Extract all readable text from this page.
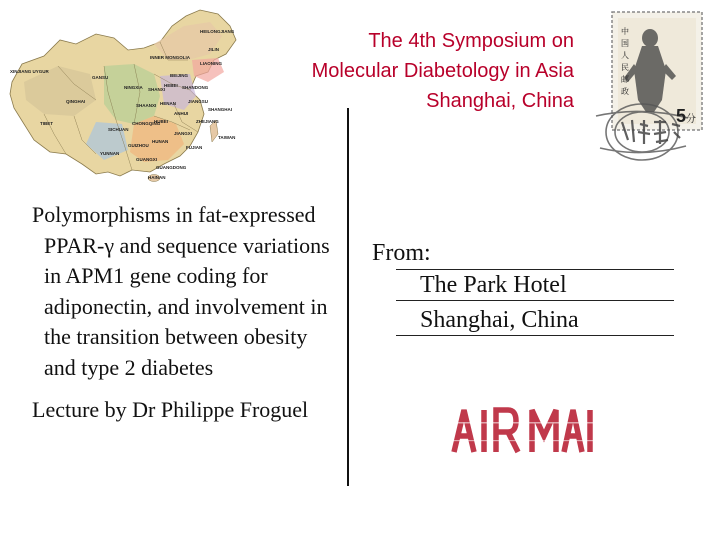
HEILONGJIANG
JILIN
LIAONING
INNER MONGOLIA
XINJIANG UYGUR
GANSU
QINGHAI
TIBET
SICHUAN
YUNNAN
GUANGXI
GUANGDONG
HUNAN
JIANGXI
FUJIAN
ZHEJIANG
SHANGHAI
JIANGSU
ANHUI
HUBEI
HENAN
SHANDONG
HEBEI
BEIJING
SHANXI
SHAANXI
NINGXIA
GUIZHOU
CHONGQING
HAINAN
TAIWAN
The 4th Symposium on
Molecular Diabetology in Asia
Shanghai, China
中
国
人
民
邮
政
5分

Polymorphisms in fat-expressed PPAR-γ and sequence variations in APM1 gene coding for adiponectin, and involvement in the transition between obesity and type 2 diabetes

Lecture by Dr Philippe Froguel

From:
The Park Hotel
Shanghai, China
